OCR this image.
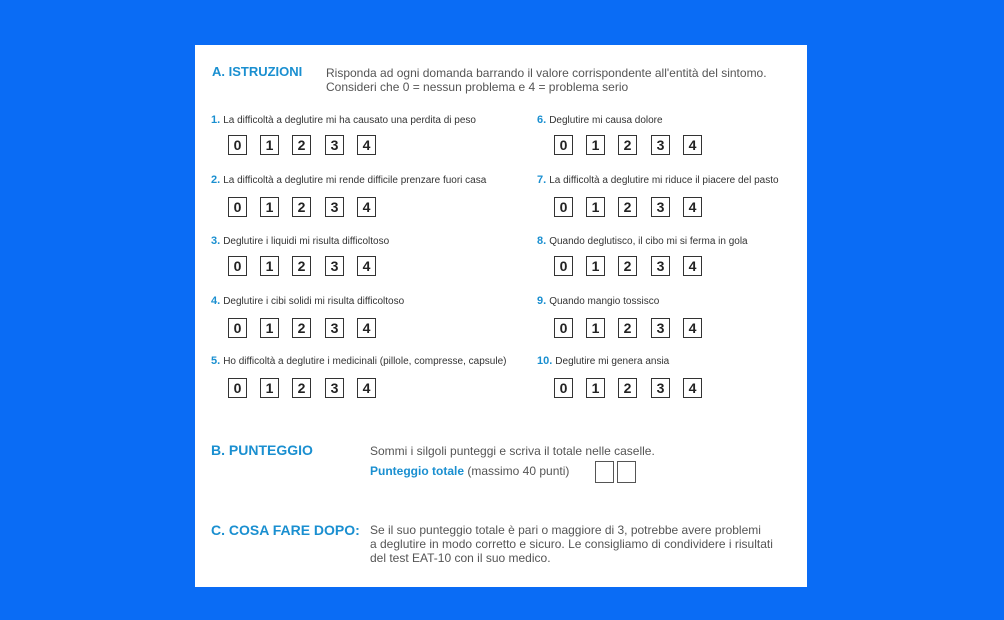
A. ISTRUZIONI Risponda ad ogni domanda barrando il valore corrispondente all'entità del sintomo.
Consideri che 0 = nessun problema e 4 = problema serio
1. La difficoltà a deglutire mi ha causato una perdita di peso
0	1	2	3	4
2. La difficoltà a deglutire mi rende difficile prenzare fuori casa
0	1	2	3	4
3. Deglutire i liquidi mi risulta difficoltoso
0	1	2	3	4
4. Deglutire i cibi solidi mi risulta difficoltoso
0	1	2	3	4
5. Ho difficoltà a deglutire i medicinali (pillole, compresse, capsule)
0	1	2	3	4
6. Deglutire mi causa dolore
0	1	2	3	4
7. La difficoltà a deglutire mi riduce il piacere del pasto
0	1	2	3	4
8. Quando deglutisco, il cibo mi si ferma in gola
0	1	2	3	4
9. Quando mangio tossisco
0	1	2	3	4
10. Deglutire mi genera ansia
0	1	2	3	4
B. PUNTEGGIO	Sommi i silgoli punteggi e scriva il totale nelle caselle.
Punteggio totale (massimo 40 punti)
C. COSA FARE DOPO: Se il suo punteggio totale è pari o maggiore di 3, potrebbe avere problemi
a deglutire in modo corretto e sicuro. Le consigliamo di condividere i risultati
del test EAT-10 con il suo medico.
